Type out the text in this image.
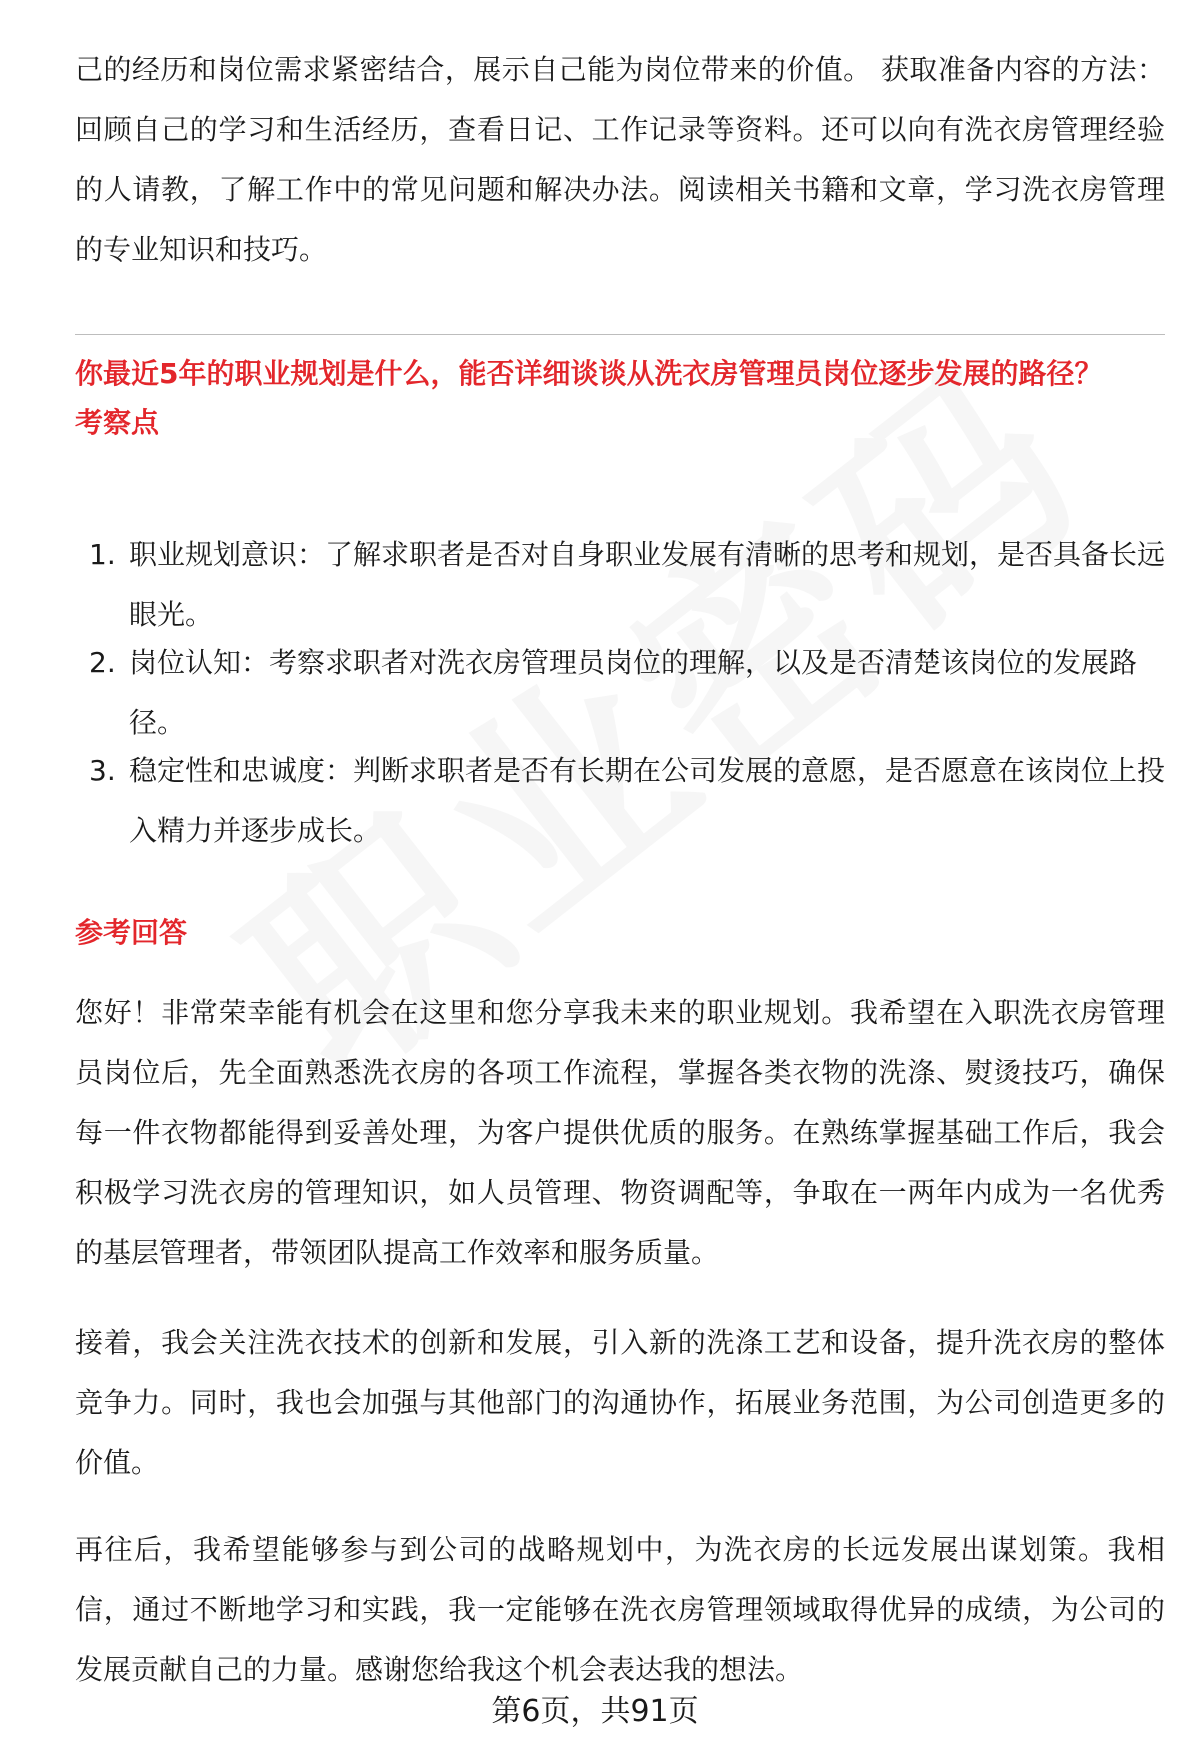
己的经历和岗位需求紧密结合，展示自己能为岗位带来的价值。 获取准备内容的方法： 回顾自己的学习和生活经历，查看日记、工作记录等资料。还可以向有洗衣房管理经验的人请教，了解工作中的常见问题和解决办法。阅读相关书籍和文章，学习洗衣房管理的专业知识和技巧。

你最近5年的职业规划是什么，能否详细谈谈从洗衣房管理员岗位逐步发展的路径？
考察点
1. 职业规划意识：了解求职者是否对自身职业发展有清晰的思考和规划，是否具备长远眼光。
2. 岗位认知：考察求职者对洗衣房管理员岗位的理解，以及是否清楚该岗位的发展路径。
3. 稳定性和忠诚度：判断求职者是否有长期在公司发展的意愿，是否愿意在该岗位上投入精力并逐步成长。
参考回答

您好！非常荣幸能有机会在这里和您分享我未来的职业规划。我希望在入职洗衣房管理员岗位后，先全面熟悉洗衣房的各项工作流程，掌握各类衣物的洗涤、熨烫技巧，确保每一件衣物都能得到妥善处理，为客户提供优质的服务。在熟练掌握基础工作后，我会积极学习洗衣房的管理知识，如人员管理、物资调配等，争取在一两年内成为一名优秀的基层管理者，带领团队提高工作效率和服务质量。

接着，我会关注洗衣技术的创新和发展，引入新的洗涤工艺和设备，提升洗衣房的整体竞争力。同时，我也会加强与其他部门的沟通协作，拓展业务范围，为公司创造更多的价值。

再往后，我希望能够参与到公司的战略规划中，为洗衣房的长远发展出谋划策。我相信，通过不断地学习和实践，我一定能够在洗衣房管理领域取得优异的成绩，为公司的发展贡献自己的力量。感谢您给我这个机会表达我的想法。

第6页，共91页
